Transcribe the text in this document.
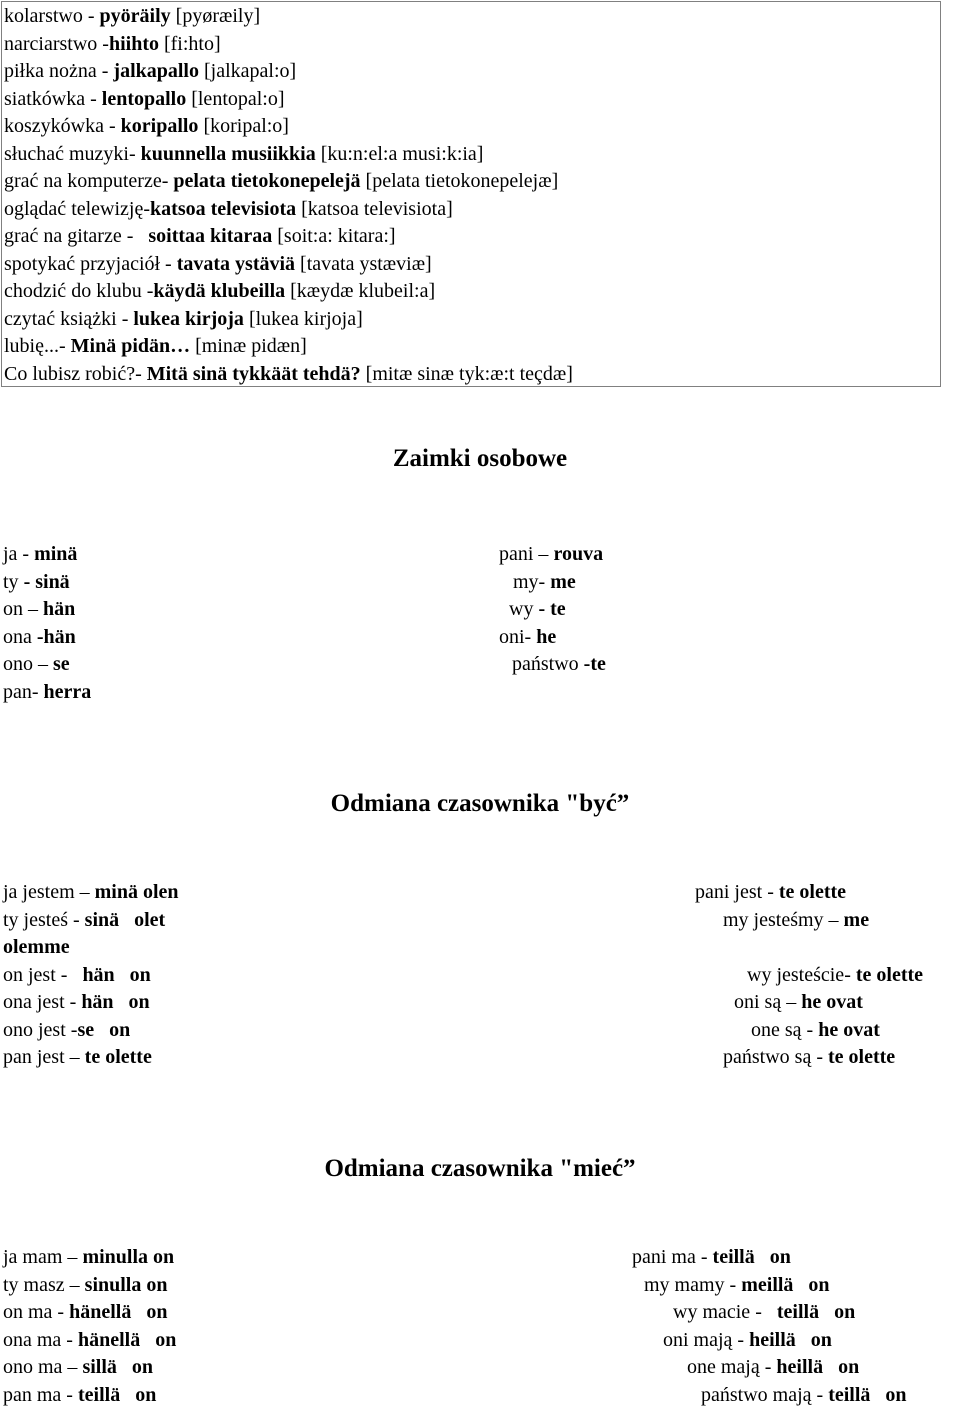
kolarstwo - pyöräily [pyøræily]
narciarstwo -hiihto [fi:hto]
piłka nożna - jalkapallo [jalkapal:o]
siatkówka - lentopallo [lentopal:o]
koszykówka - koripallo [koripal:o]
słuchać muzyki- kuunnella musiikkia [ku:n:el:a musi:k:ia]
grać na komputerze- pelata tietokonepelejä [pelata tietokonepelejæ]
oglądać telewizję-katsoa televisiota [katsoa televisiota]
grać na gitarze -   soittaa kitaraa [soit:a: kitara:]
spotykać przyjaciół - tavata ystäviä [tavata ystæviæ]
chodzić do klubu -käydä klubeilla [kæydæ klubeil:a]
czytać książki - lukea kirjoja [lukea kirjoja]
lubię...- Minä pidän… [minæ pidæn]
Co lubisz robić?- Mitä sinä tykkäät tehdä? [mitæ sinæ tyk:æ:t teçdæ]
Zaimki osobowe
ja - minä
ty - sinä
on – hän
ona -hän
ono – se
pan- herra
pani – rouva
my- me
wy - te
oni- he
państwo -te
Odmiana czasownika "być”
ja jestem – minä olen
ty jesteś - sinä   olet
olemme
on jest -   hän   on
ona jest - hän   on
ono jest -se   on
pan jest – te olette
pani jest - te olette
my jesteśmy – me
wy jesteście- te olette
oni są – he ovat
one są - he ovat
państwo są - te olette
Odmiana czasownika "mieć”
ja mam – minulla on
ty masz – sinulla on
on ma - hänellä   on
ona ma - hänellä   on
ono ma – sillä   on
pan ma - teillä   on
pani ma - teillä   on
my mamy - meillä   on
wy macie -   teillä   on
oni mają - heillä   on
one mają - heillä   on
państwo mają - teillä   on
